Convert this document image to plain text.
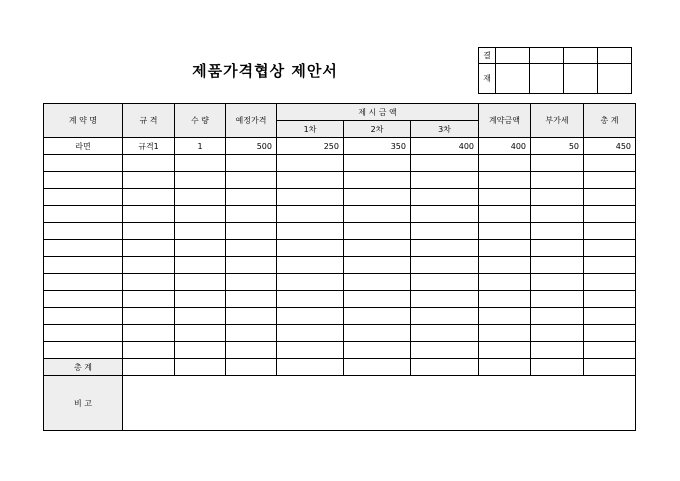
제품가격협상 제안서
결				
재				
계 약 명	규 격	수 량	예정가격	제 시 금 액			계약금액	부가세	총 계
				1차	2차	3차			
라면	규격1	1	500	250	350	400	400	50	450

총 계									
비 고									
